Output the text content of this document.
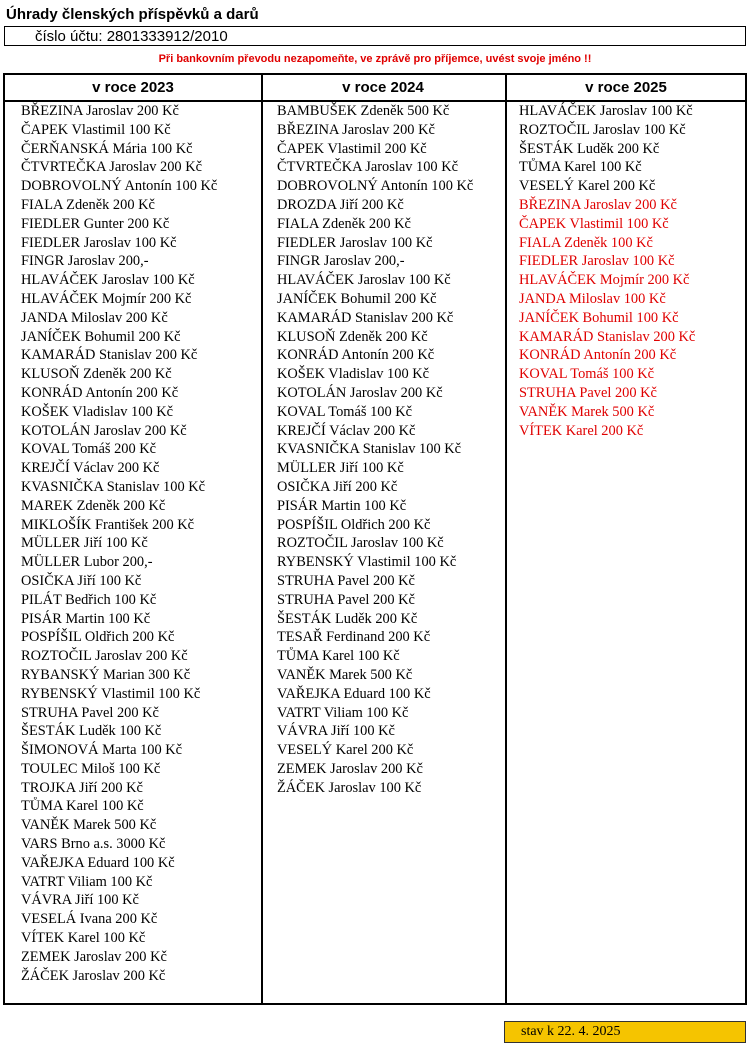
Úhrady členských příspěvků a darů
číslo účtu: 2801333912/2010
Při bankovním převodu nezapomeňte, ve zprávě pro příjemce, uvést svoje jméno !!
v roce 2023
BŘEZINA Jaroslav 200 Kč
ČAPEK Vlastimil 100 Kč
ČERŇANSKÁ Mária 100 Kč
ČTVRTEČKA Jaroslav 200 Kč
DOBROVOLNÝ Antonín 100 Kč
FIALA Zdeněk 200 Kč
FIEDLER Gunter 200 Kč
FIEDLER Jaroslav 100 Kč
FINGR Jaroslav 200,-
HLAVÁČEK Jaroslav 100 Kč
HLAVÁČEK Mojmír 200 Kč
JANDA Miloslav 200 Kč
JANÍČEK Bohumil 200 Kč
KAMARÁD Stanislav 200 Kč
KLUSOŇ Zdeněk 200 Kč
KONRÁD Antonín 200 Kč
KOŠEK Vladislav 100 Kč
KOTOLÁN Jaroslav 200 Kč
KOVAL Tomáš 200 Kč
KREJČÍ Václav 200 Kč
KVASNIČKA Stanislav 100 Kč
MAREK Zdeněk 200 Kč
MIKLOŠÍK František 200 Kč
MÜLLER Jiří 100 Kč
MÜLLER Lubor 200,-
OSIČKA Jiří 100 Kč
PILÁT Bedřich 100 Kč
PISÁR Martin 100 Kč
POSPÍŠIL Oldřich 200 Kč
ROZTOČIL Jaroslav 200 Kč
RYBANSKÝ Marian 300 Kč
RYBENSKÝ Vlastimil 100 Kč
STRUHA Pavel 200 Kč
ŠESTÁK Luděk 100 Kč
ŠIMONOVÁ Marta 100 Kč
TOULEC Miloš 100 Kč
TROJKA Jiří 200 Kč
TŮMA Karel 100 Kč
VANĚK Marek 500 Kč
VARS Brno a.s. 3000 Kč
VAŘEJKA Eduard 100 Kč
VATRT Viliam 100 Kč
VÁVRA Jiří 100 Kč
VESELÁ Ivana 200 Kč
VÍTEK Karel 100 Kč
ZEMEK Jaroslav 200 Kč
ŽÁČEK Jaroslav 200 Kč
v roce 2024
BAMBUŠEK Zdeněk 500 Kč
BŘEZINA Jaroslav 200 Kč
ČAPEK Vlastimil 200 Kč
ČTVRTEČKA Jaroslav 100 Kč
DOBROVOLNÝ Antonín 100 Kč
DROZDA Jiří 200 Kč
FIALA Zdeněk 200 Kč
FIEDLER Jaroslav 100 Kč
FINGR Jaroslav 200,-
HLAVÁČEK Jaroslav 100 Kč
JANÍČEK Bohumil 200 Kč
KAMARÁD Stanislav 200 Kč
KLUSOŇ Zdeněk 200 Kč
KONRÁD Antonín 200 Kč
KOŠEK Vladislav 100 Kč
KOTOLÁN Jaroslav 200 Kč
KOVAL Tomáš 100 Kč
KREJČÍ Václav 200 Kč
KVASNIČKA Stanislav 100 Kč
MÜLLER Jiří 100 Kč
OSIČKA Jiří 200 Kč
PISÁR Martin 100 Kč
POSPÍŠIL Oldřich 200 Kč
ROZTOČIL Jaroslav 100 Kč
RYBENSKÝ Vlastimil 100 Kč
STRUHA Pavel 200 Kč
STRUHA Pavel 200 Kč
ŠESTÁK Luděk 200 Kč
TESAŘ Ferdinand 200 Kč
TŮMA Karel 100 Kč
VANĚK Marek 500 Kč
VAŘEJKA Eduard 100 Kč
VATRT Viliam 100 Kč
VÁVRA Jiří 100 Kč
VESELÝ Karel 200 Kč
ZEMEK Jaroslav 200 Kč
ŽÁČEK Jaroslav 100 Kč
v roce 2025
HLAVÁČEK Jaroslav 100 Kč
ROZTOČIL Jaroslav 100 Kč
ŠESTÁK Luděk 200 Kč
TŮMA Karel 100 Kč
VESELÝ Karel 200 Kč
BŘEZINA Jaroslav 200 Kč
ČAPEK Vlastimil 100 Kč
FIALA Zdeněk 100 Kč
FIEDLER Jaroslav 100 Kč
HLAVÁČEK Mojmír 200 Kč
JANDA Miloslav 100 Kč
JANÍČEK Bohumil 100 Kč
KAMARÁD Stanislav 200 Kč
KONRÁD Antonín 200 Kč
KOVAL Tomáš 100 Kč
STRUHA Pavel 200 Kč
VANĚK Marek 500 Kč
VÍTEK Karel 200 Kč
stav k 22. 4. 2025
